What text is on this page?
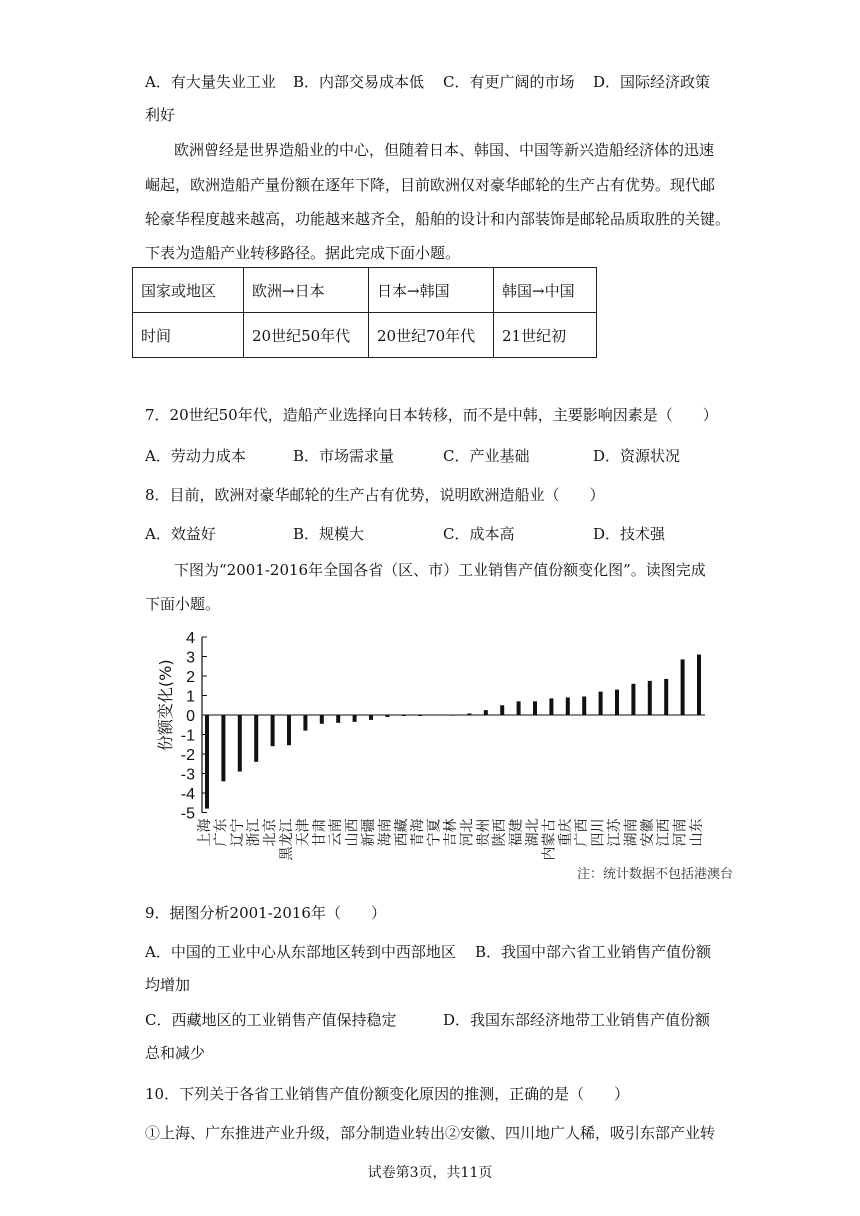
A．有大量失业工业 B．内部交易成本低 C．有更广阔的市场 D．国际经济政策
利好
欧洲曾经是世界造船业的中心，但随着日本、韩国、中国等新兴造船经济体的迅速
崛起，欧洲造船产量份额在逐年下降，目前欧洲仅对豪华邮轮的生产占有优势。现代邮
轮豪华程度越来越高，功能越来越齐全，船舶的设计和内部装饰是邮轮品质取胜的关键。
下表为造船产业转移路径。据此完成下面小题。
国家或地区	欧洲→日本	日本→韩国	韩国→中国
时间	20世纪50年代	20世纪70年代	21世纪初
7．20世纪50年代，造船产业选择向日本转移，而不是中韩，主要影响因素是（　　）
A．劳动力成本	B．市场需求量	C．产业基础	D．资源状况
8．目前，欧洲对豪华邮轮的生产占有优势，说明欧洲造船业（　　）
A．效益好	B．规模大	C．成本高	D．技术强
下图为“2001-2016年全国各省（区、市）工业销售产值份额变化图”。读图完成
下面小题。
4
3
2
1
0
-1
-2
-3
-4
-5
份额变化(%)
上海 广东 辽宁 浙江 北京 黑龙江 天津 甘肃 云南 山西 新疆 海南 西藏 青海 宁夏 吉林 河北 贵州 陕西 福建 湖北 内蒙古 重庆 广西 四川 江苏 湖南 安徽 江西 河南 山东
注：统计数据不包括港澳台
9．据图分析2001-2016年（　　）
A．中国的工业中心从东部地区转到中西部地区 B．我国中部六省工业销售产值份额
均增加
C．西藏地区的工业销售产值保持稳定	D．我国东部经济地带工业销售产值份额
总和减少
10．下列关于各省工业销售产值份额变化原因的推测，正确的是（　　）
①上海、广东推进产业升级，部分制造业转出②安徽、四川地广人稀，吸引东部产业转
试卷第3页，共11页
